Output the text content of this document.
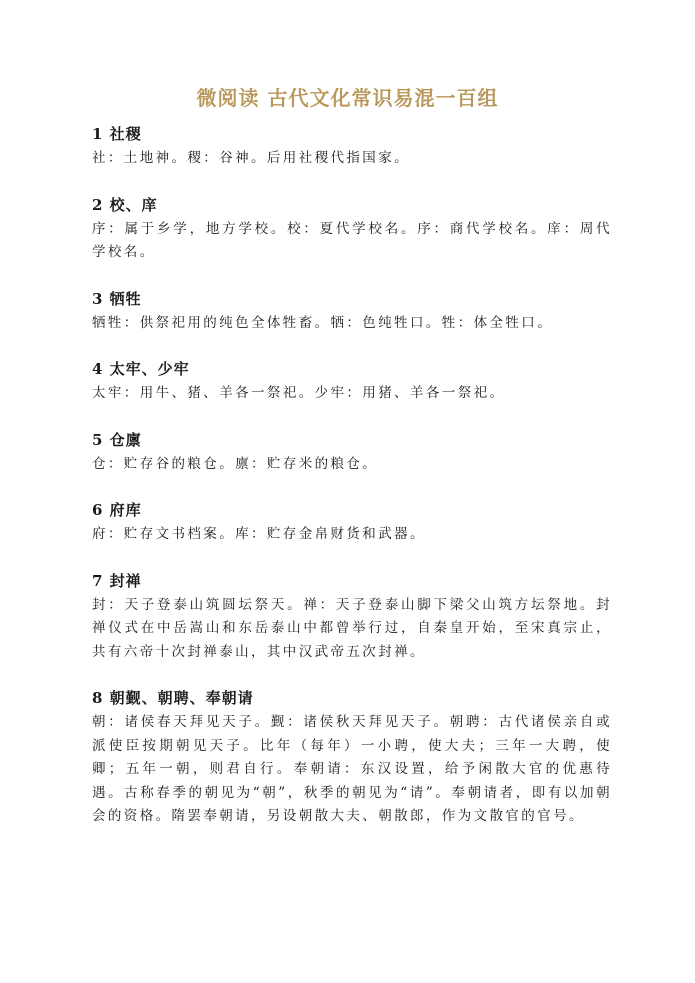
微阅读 古代文化常识易混一百组
1 社稷

社：土地神。稷：谷神。后用社稷代指国家。

2 校、庠

序：属于乡学，地方学校。校：夏代学校名。序：商代学校名。庠：周代学校名。

3 牺牲

牺牲：供祭祀用的纯色全体牲畜。牺：色纯牲口。牲：体全牲口。

4 太牢、少牢

太牢：用牛、猪、羊各一祭祀。少牢：用猪、羊各一祭祀。

5 仓廪

仓：贮存谷的粮仓。廪：贮存米的粮仓。

6 府库

府：贮存文书档案。库：贮存金帛财货和武器。

7 封禅

封：天子登泰山筑圆坛祭天。禅：天子登泰山脚下梁父山筑方坛祭地。封禅仪式在中岳嵩山和东岳泰山中都曾举行过，自秦皇开始，至宋真宗止，共有六帝十次封禅泰山，其中汉武帝五次封禅。

8 朝觐、朝聘、奉朝请

朝：诸侯春天拜见天子。觐：诸侯秋天拜见天子。朝聘：古代诸侯亲自或派使臣按期朝见天子。比年（每年）一小聘，使大夫；三年一大聘，使卿；五年一朝，则君自行。奉朝请：东汉设置，给予闲散大官的优惠待遇。古称春季的朝见为“朝”，秋季的朝见为“请”。奉朝请者，即有以加朝会的资格。隋罢奉朝请，另设朝散大夫、朝散郎，作为文散官的官号。
